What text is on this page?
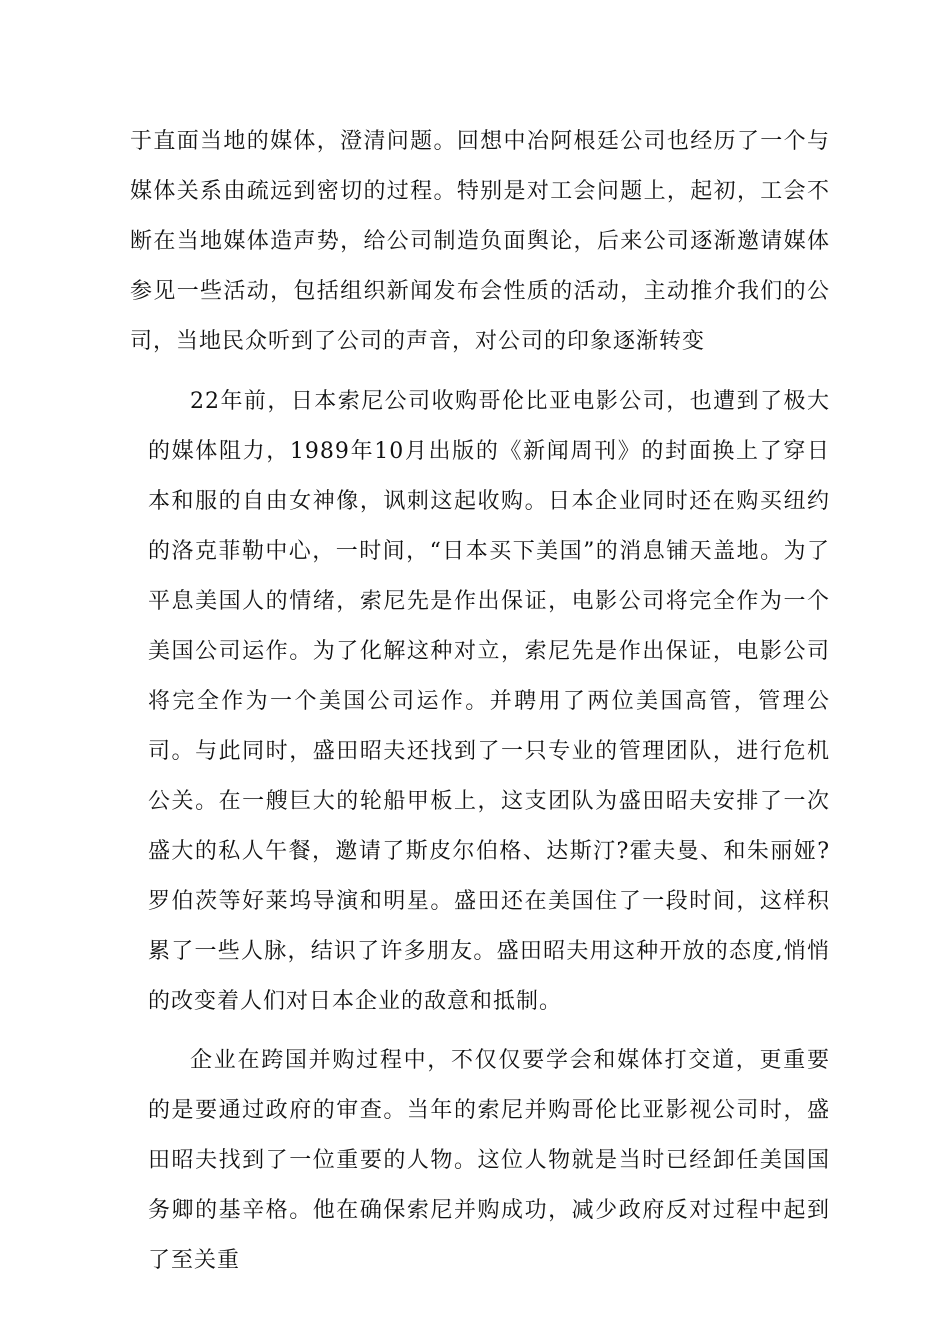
于直面当地的媒体，澄清问题。回想中冶阿根廷公司也经历了一个与媒体关系由疏远到密切的过程。特别是对工会问题上，起初，工会不断在当地媒体造声势，给公司制造负面舆论，后来公司逐渐邀请媒体参见一些活动，包括组织新闻发布会性质的活动，主动推介我们的公司，当地民众听到了公司的声音，对公司的印象逐渐转变

22年前，日本索尼公司收购哥伦比亚电影公司，也遭到了极大的媒体阻力，1989年10月出版的《新闻周刊》的封面换上了穿日本和服的自由女神像，讽刺这起收购。日本企业同时还在购买纽约的洛克菲勒中心，一时间，“日本买下美国”的消息铺天盖地。为了平息美国人的情绪，索尼先是作出保证，电影公司将完全作为一个美国公司运作。为了化解这种对立，索尼先是作出保证，电影公司将完全作为一个美国公司运作。并聘用了两位美国高管，管理公司。与此同时，盛田昭夫还找到了一只专业的管理团队，进行危机公关。在一艘巨大的轮船甲板上，这支团队为盛田昭夫安排了一次盛大的私人午餐，邀请了斯皮尔伯格、达斯汀?霍夫曼、和朱丽娅?罗伯茨等好莱坞导演和明星。盛田还在美国住了一段时间，这样积累了一些人脉，结识了许多朋友。盛田昭夫用这种开放的态度,悄悄的改变着人们对日本企业的敌意和抵制。

企业在跨国并购过程中，不仅仅要学会和媒体打交道，更重要的是要通过政府的审查。当年的索尼并购哥伦比亚影视公司时，盛田昭夫找到了一位重要的人物。这位人物就是当时已经卸任美国国务卿的基辛格。他在确保索尼并购成功，减少政府反对过程中起到了至关重
